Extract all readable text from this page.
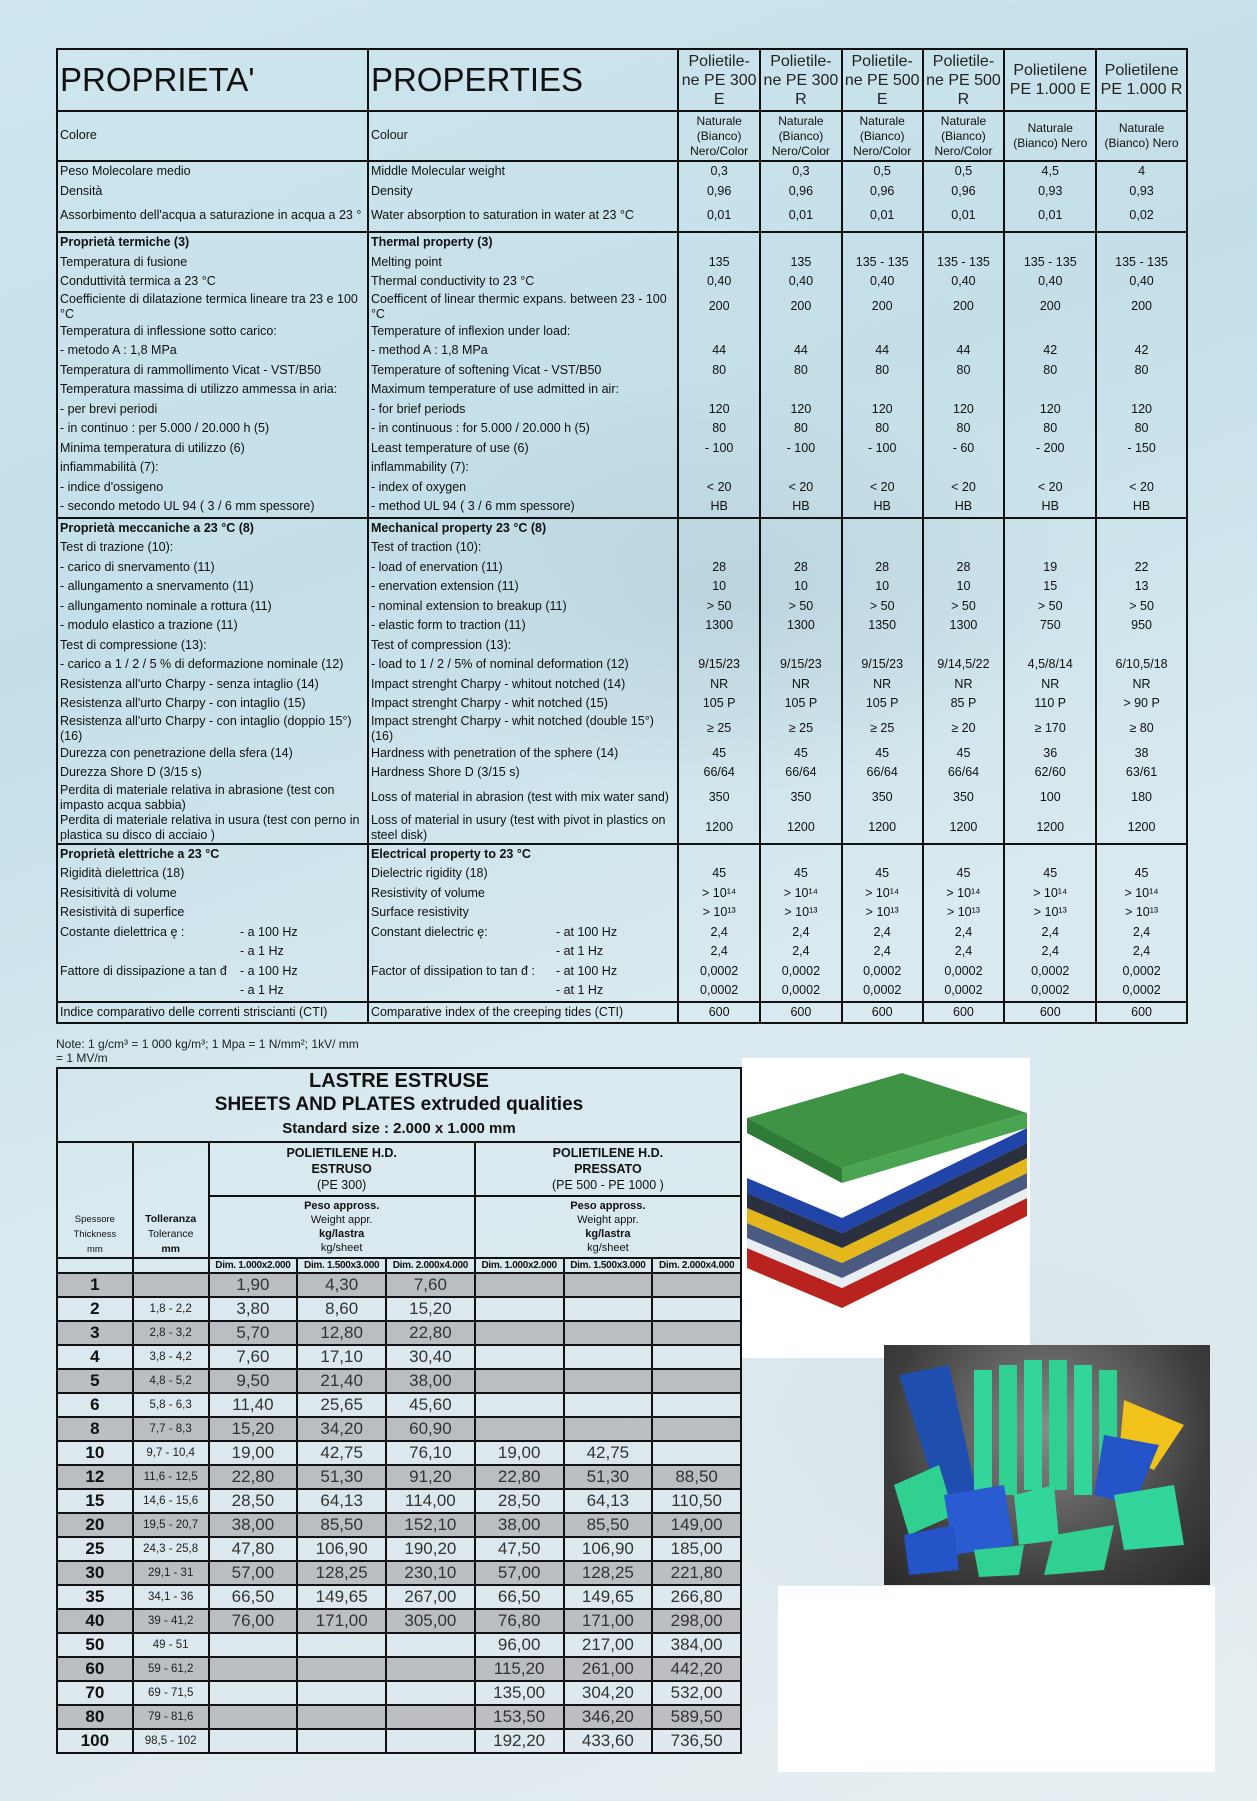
PROPRIETA'	PROPERTIES	Polietile-ne PE 300 E	Polietile-ne PE 300 R	Polietile-ne PE 500 E	Polietile-ne PE 500 R	Polietilene PE 1.000 E	Polietilene PE 1.000 R
Colore	Colour	Naturale (Bianco) Nero/Color	Naturale (Bianco) Nero/Color	Naturale (Bianco) Nero/Color	Naturale (Bianco) Nero/Color	Naturale (Bianco) Nero	Naturale (Bianco) Nero
Peso Molecolare medio	Middle Molecular weight	0,3	0,3	0,5	0,5	4,5	4
Densità	Density	0,96	0,96	0,96	0,96	0,93	0,93
Assorbimento dell'acqua a saturazione in acqua a 23 °	Water absorption to saturation in water at 23 °C	0,01	0,01	0,01	0,01	0,01	0,02
Proprietà termiche (3)	Thermal property (3)						
Temperatura di fusione	Melting point	135	135	135 - 135	135 - 135	135 - 135	135 - 135
Conduttività termica a 23 °C	Thermal conductivity to 23 °C	0,40	0,40	0,40	0,40	0,40	0,40
Coefficiente di dilatazione termica lineare tra 23 e 100 °C	Coefficent of linear thermic expans. between 23 - 100 °C	200	200	200	200	200	200
Temperatura di inflessione sotto carico:	Temperature of inflexion under load:						
- metodo A : 1,8 MPa	- method A : 1,8 MPa	44	44	44	44	42	42
Temperatura di rammollimento Vicat - VST/B50	Temperature of softening Vicat - VST/B50	80	80	80	80	80	80
Temperatura massima di utilizzo ammessa in aria:	Maximum temperature of use admitted in air:						
- per brevi periodi	- for brief periods	120	120	120	120	120	120
- in continuo : per 5.000 / 20.000 h (5)	- in continuous : for 5.000 / 20.000 h (5)	80	80	80	80	80	80
Minima temperatura di utilizzo (6)	Least temperature of use (6)	- 100	- 100	- 100	- 60	- 200	- 150
infiammabilità (7):	inflammability (7):						
- indice d'ossigeno	- index of oxygen	< 20	< 20	< 20	< 20	< 20	< 20
- secondo metodo UL 94 ( 3 / 6 mm spessore)	- method UL 94 ( 3 / 6 mm spessore)	HB	HB	HB	HB	HB	HB
Proprietà meccaniche a 23 °C (8)	Mechanical property 23 °C (8)						
Test di trazione (10):	Test of traction (10):						
- carico di snervamento (11)	- load of enervation (11)	28	28	28	28	19	22
- allungamento a snervamento (11)	- enervation extension (11)	10	10	10	10	15	13
- allungamento nominale a rottura (11)	- nominal extension to breakup (11)	> 50	> 50	> 50	> 50	> 50	> 50
- modulo elastico a trazione (11)	- elastic form to traction (11)	1300	1300	1350	1300	750	950
Test di compressione (13):	Test of compression (13):						
- carico a 1 / 2 / 5 % di deformazione nominale (12)	- load to 1 / 2 / 5% of nominal deformation (12)	9/15/23	9/15/23	9/15/23	9/14,5/22	4,5/8/14	6/10,5/18
Resistenza all'urto Charpy - senza intaglio (14)	Impact strenght Charpy - whitout notched (14)	NR	NR	NR	NR	NR	NR
Resistenza all'urto Charpy - con intaglio (15)	Impact strenght Charpy - whit notched (15)	105 P	105 P	105 P	85 P	110 P	> 90 P
Resistenza all'urto Charpy - con intaglio (doppio 15°) (16)	Impact strenght Charpy - whit notched (double 15°) (16)	≥ 25	≥ 25	≥ 25	≥ 20	≥ 170	≥ 80
Durezza con penetrazione della sfera (14)	Hardness with penetration of the sphere (14)	45	45	45	45	36	38
Durezza Shore D (3/15 s)	Hardness Shore D (3/15 s)	66/64	66/64	66/64	66/64	62/60	63/61
Perdita di materiale relativa in abrasione (test con impasto acqua sabbia)	Loss of material in abrasion (test with mix water sand)	350	350	350	350	100	180
Perdita di materiale relativa in usura (test con perno in plastica su disco di acciaio )	Loss of material in usury (test with pivot in plastics on steel disk)	1200	1200	1200	1200	1200	1200
Proprietà elettriche a 23 °C	Electrical property to 23 °C						
Rigidità dielettrica (18)	Dielectric rigidity (18)	45	45	45	45	45	45
Resisitività di volume	Resistivity of volume	> 10¹⁴	> 10¹⁴	> 10¹⁴	> 10¹⁴	> 10¹⁴	> 10¹⁴
Resistività di superfice	Surface resistivity	> 10¹³	> 10¹³	> 10¹³	> 10¹³	> 10¹³	> 10¹³
Costante dielettrica ę : - a 100 Hz	Constant dielectric ę: - at 100 Hz	2,4	2,4	2,4	2,4	2,4	2,4
- a 1 Hz	- at 1 Hz	2,4	2,4	2,4	2,4	2,4	2,4
Fattore di dissipazione a tan đ - a 100 Hz	Factor of dissipation to tan đ : - at 100 Hz	0,0002	0,0002	0,0002	0,0002	0,0002	0,0002
- a 1 Hz	- at 1 Hz	0,0002	0,0002	0,0002	0,0002	0,0002	0,0002
Indice comparativo delle correnti striscianti (CTI)	Comparative index of the creeping tides (CTI)	600	600	600	600	600	600
Note: 1 g/cm³ = 1 000 kg/m³; 1 Mpa = 1 N/mm²; 1kV/ mm = 1 MV/m
LASTRE ESTRUSE
SHEETS AND PLATES extruded qualities
Standard size : 2.000 x 1.000 mm							

Spessore
Thickness
mm

Tolleranza
Tolerance
mm

POLIETILENE H.D.
ESTRUSO
(PE 300)

POLIETILENE H.D.
PRESSATO
(PE 500 - PE 1000 )

Peso appross.
Weight appr.
kg/lastra
kg/sheet

Peso appross.
Weight appr.
kg/lastra
kg/sheet

		Dim. 1.000x2.000	Dim. 1.500x3.000	Dim. 2.000x4.000	Dim. 1.000x2.000	Dim. 1.500x3.000	Dim. 2.000x4.000
1		1,90	4,30	7,60			
2	1,8 - 2,2	3,80	8,60	15,20			
3	2,8 - 3,2	5,70	12,80	22,80			
4	3,8 - 4,2	7,60	17,10	30,40			
5	4,8 - 5,2	9,50	21,40	38,00			
6	5,8 - 6,3	11,40	25,65	45,60			
8	7,7 - 8,3	15,20	34,20	60,90			
10	9,7 - 10,4	19,00	42,75	76,10	19,00	42,75	
12	11,6 - 12,5	22,80	51,30	91,20	22,80	51,30	88,50
15	14,6 - 15,6	28,50	64,13	114,00	28,50	64,13	110,50
20	19,5 - 20,7	38,00	85,50	152,10	38,00	85,50	149,00
25	24,3 - 25,8	47,80	106,90	190,20	47,50	106,90	185,00
30	29,1 - 31	57,00	128,25	230,10	57,00	128,25	221,80
35	34,1 - 36	66,50	149,65	267,00	66,50	149,65	266,80
40	39 - 41,2	76,00	171,00	305,00	76,80	171,00	298,00
50	49 - 51				96,00	217,00	384,00
60	59 - 61,2				115,20	261,00	442,20
70	69 - 71,5				135,00	304,20	532,00
80	79 - 81,6				153,50	346,20	589,50
100	98,5 - 102				192,20	433,60	736,50
